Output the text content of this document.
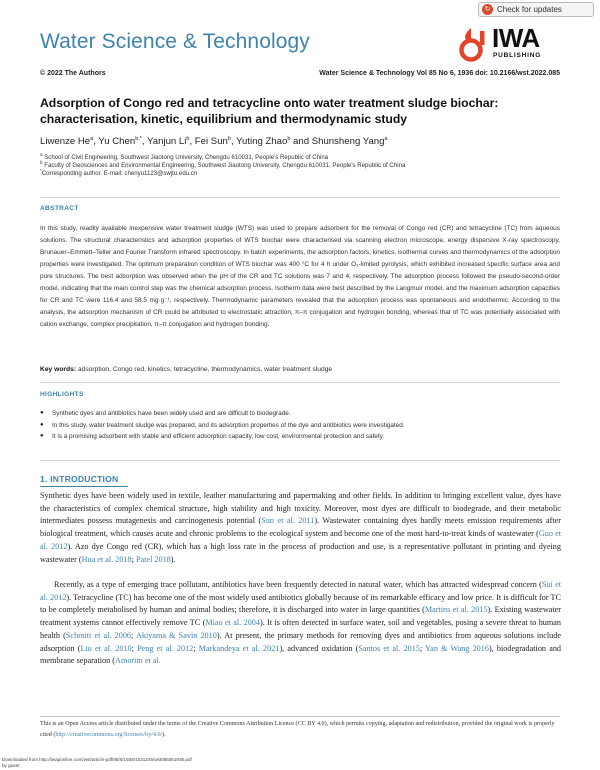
↻ Check for updates
Water Science & Technology	IWA
PUBLISHING
© 2022 The Authors	Water Science & Technology Vol 85 No 6, 1936 doi: 10.2166/wst.2022.085
Adsorption of Congo red and tetracycline onto water treatment sludge biochar: characterisation, kinetic, equilibrium and thermodynamic study
Liwenze He$^a$, Yu Chen$^{b,*}$, Yanjun Li$^b$, Fei Sun$^b$, Yuting Zhao$^b$ and Shunsheng Yang$^a$
$^a$ School of Civil Engineering, Southwest Jiaotong University, Chengdu 610031, People's Republic of China
$^b$ Faculty of Geosciences and Environmental Engineering, Southwest Jiaotong University, Chengdu 610031, People's Republic of China
*Corresponding author. E-mail: chenyu1123@swjtu.edu.cn
ABSTRACT

In this study, readily available inexpensive water treatment sludge (WTS) was used to prepare adsorbent for the removal of Congo red (CR) and tetracycline (TC) from aqueous solutions. The structural characteristics and adsorption properties of WTS biochar were characterised via scanning electron microscope, energy dispersive X-ray spectroscopy, Brunauer–Emmett–Teller and Fourier Transform infrared spectroscopy. In batch experiments, the adsorption factors, kinetics, isothermal curves and thermodynamics of the adsorption properties were investigated. The optimum preparation condition of WTS biochar was 400 °C for 4 h under O₂-limited pyrolysis, which exhibited increased specific surface area and pore structures. The best adsorption was observed when the pH of the CR and TC solutions was 7 and 4, respectively. The adsorption process followed the pseudo-second-order model, indicating that the main control step was the chemical adsorption process. Isotherm data were best described by the Langmuir model, and the maximum adsorption capacities for CR and TC were 116.4 and 58.5 mg·g⁻¹, respectively. Thermodynamic parameters revealed that the adsorption process was spontaneous and endothermic. According to the analysis, the adsorption mechanism of CR could be attributed to electrostatic attraction, π–π conjugation and hydrogen bonding, whereas that of TC was potentially associated with cation exchange, complex precipitation, π–π conjugation and hydrogen bonding.

Key words: adsorption, Congo red, kinetics, tetracycline, thermodynamics, water treatment sludge

HIGHLIGHTS
● Synthetic dyes and antibiotics have been widely used and are difficult to biodegrade.
● In this study, water treatment sludge was prepared, and its adsorption properties of the dye and antibiotics were investigated.
● It is a promising adsorbent with stable and efficient adsorption capacity, low cost, environmental protection and safety.
1. INTRODUCTION

Synthetic dyes have been widely used in textile, leather manufacturing and papermaking and other fields. In addition to bringing excellent value, dyes have the characteristics of complex chemical structure, high stability and high toxicity. Moreover, most dyes are difficult to biodegrade, and their metabolic intermediates possess mutagenesis and carcinogenesis potential (Sun et al. 2011). Wastewater containing dyes hardly meets emission requirements after biological treatment, which causes acute and chronic problems to the ecological system and become one of the most hard-to-treat kinds of wastewater (Guo et al. 2012). Azo dye Congo red (CR), which has a high loss rate in the process of production and use, is a representative pollutant in printing and dyeing wastewater (Hua et al. 2018; Patel 2018).

Recently, as a type of emerging trace pollutant, antibiotics have been frequently detected in natural water, which has attracted widespread concern (Sui et al. 2012). Tetracycline (TC) has become one of the most widely used antibiotics globally because of its remarkable efficacy and low price. It is difficult for TC to be completely metabolised by human and animal bodies; therefore, it is discharged into water in large quantities (Martins et al. 2015). Existing wastewater treatment systems cannot effectively remove TC (Miao et al. 2004). It is often detected in surface water, soil and vegetables, posing a severe threat to human health (Schmitt et al. 2006; Akiyama & Savin 2010). At present, the primary methods for removing dyes and antibiotics from aqueous solutions include adsorption (Liu et al. 2010; Peng et al. 2012; Markandeya et al. 2021), advanced oxidation (Santos et al. 2015; Yan & Wang 2016), biodegradation and membrane separation (Amorim et al.

This is an Open Access article distributed under the terms of the Creative Commons Attribution Licence (CC BY 4.0), which permits copying, adaptation and redistribution, provided the original work is properly cited (http://creativecommons.org/licenses/by/4.0/).

Downloaded from http://iwaponline.com/wst/article-pdf/85/6/1936/1031245/wst085061936.pdf
by guest
